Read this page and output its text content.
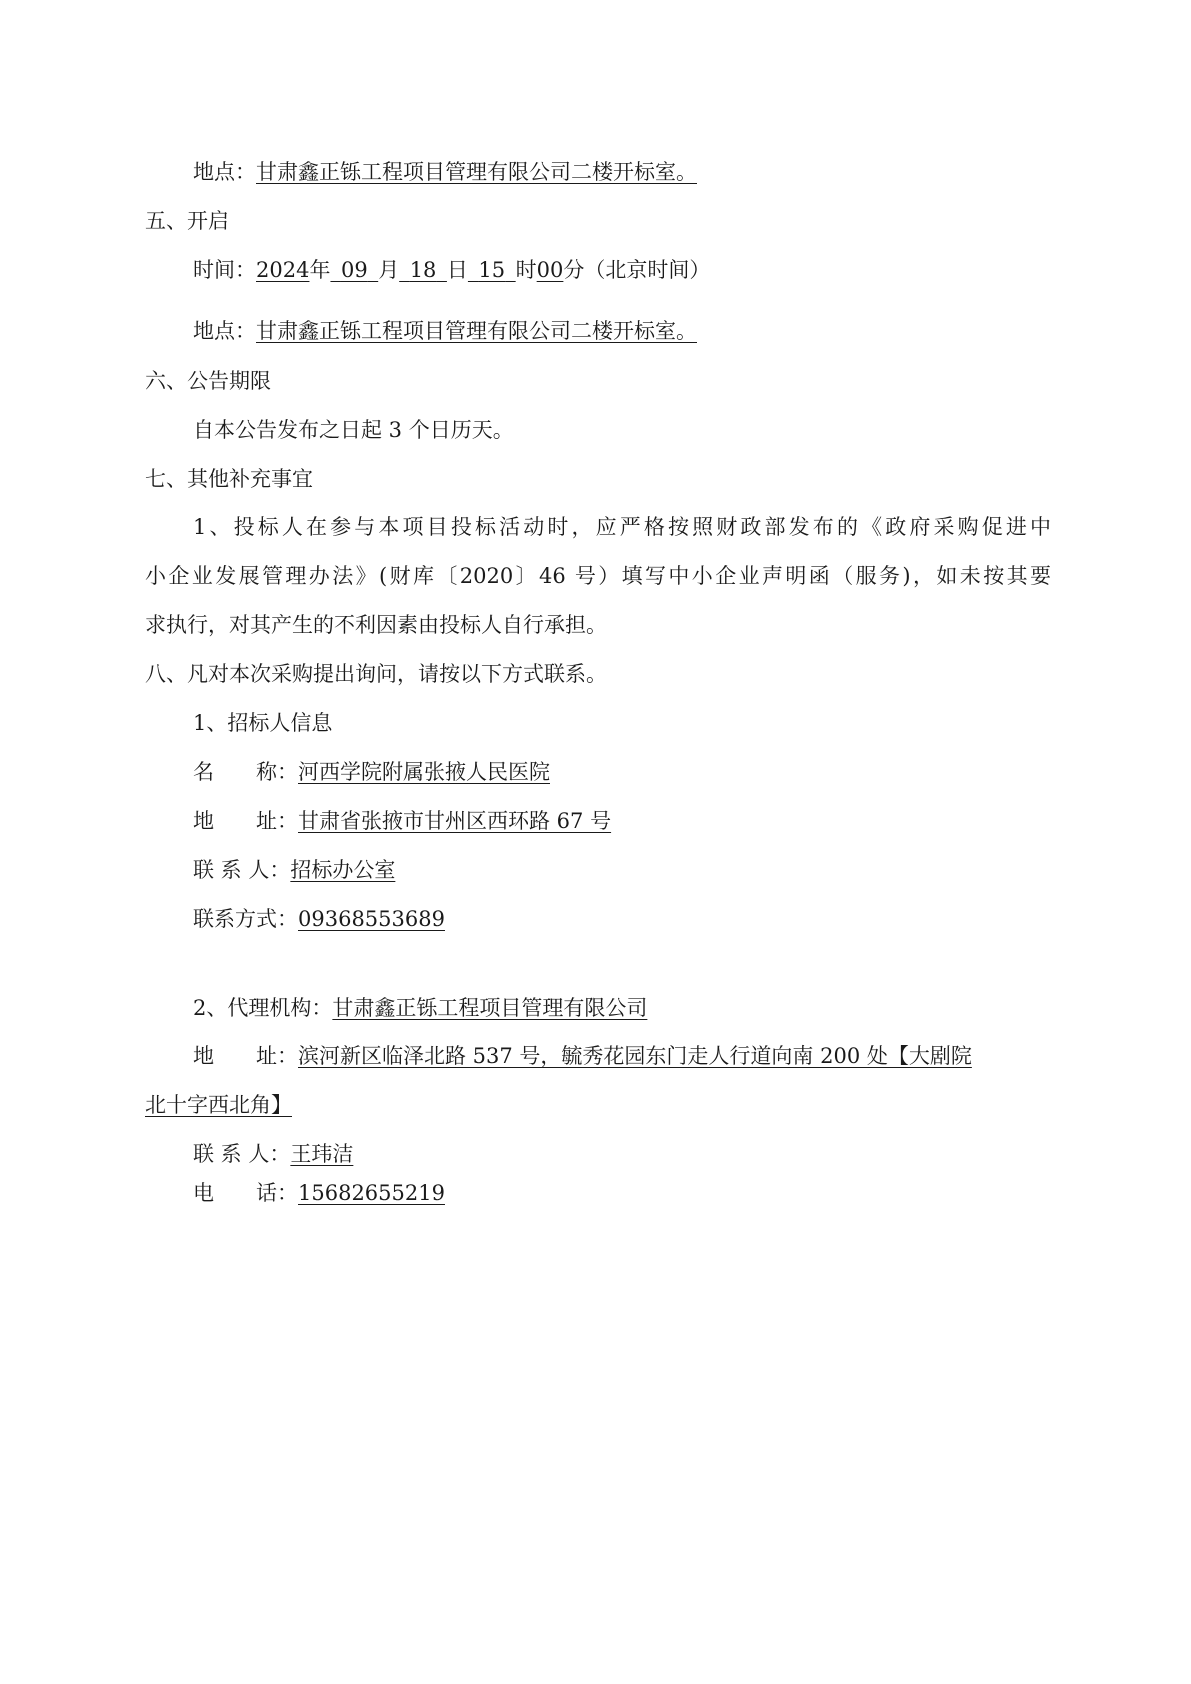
地点：甘肃鑫正铄工程项目管理有限公司二楼开标室。
五、开启
时间：2024年  09  月  18  日  15  时00分（北京时间）
地点：甘肃鑫正铄工程项目管理有限公司二楼开标室。
六、公告期限
自本公告发布之日起 3 个日历天。
七、其他补充事宜
1、投标人在参与本项目投标活动时，应严格按照财政部发布的《政府采购促进中
小企业发展管理办法》(财库〔2020〕46 号）填写中小企业声明函（服务)，如未按其要
求执行，对其产生的不利因素由投标人自行承担。
八、凡对本次采购提出询问，请按以下方式联系。
1、招标人信息
名　　称：河西学院附属张掖人民医院
地　　址：甘肃省张掖市甘州区西环路 67 号
联 系 人：招标办公室
联系方式：09368553689
2、代理机构：甘肃鑫正铄工程项目管理有限公司
地　　址：滨河新区临泽北路 537 号，毓秀花园东门走人行道向南 200 处【大剧院
北十字西北角】
联 系 人：王玮洁
电　　话：15682655219
